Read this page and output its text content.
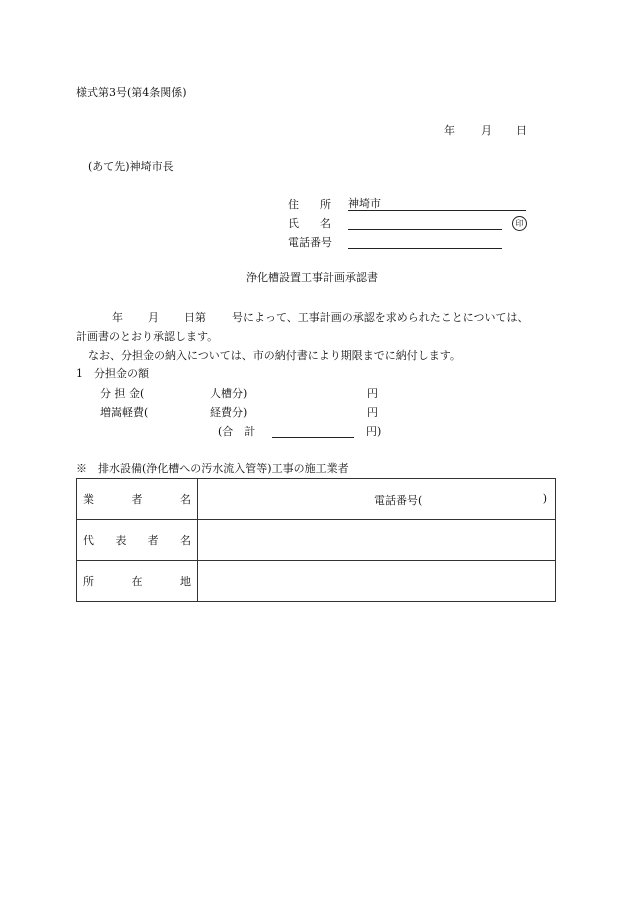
様式第3号(第4条関係)
年 月 日
(あて先)神埼市長
住 所 神埼市
氏 名	印
電話番号
浄化槽設置工事計画承認書
年 月 日第 号によって、工事計画の承認を求められたことについては、
計画書のとおり承認します。
なお、分担金の納入については、市の納付書により期限までに納付します。
1　分担金の額
分 担 金(	人槽分)	円
増嵩軽費(	経費分)	円
(合　計	円)
※　排水設備(浄化槽への汚水流入管等)工事の施工業者
業 者 名	電話番号( )

代 表 者 名	

所 在 地	
